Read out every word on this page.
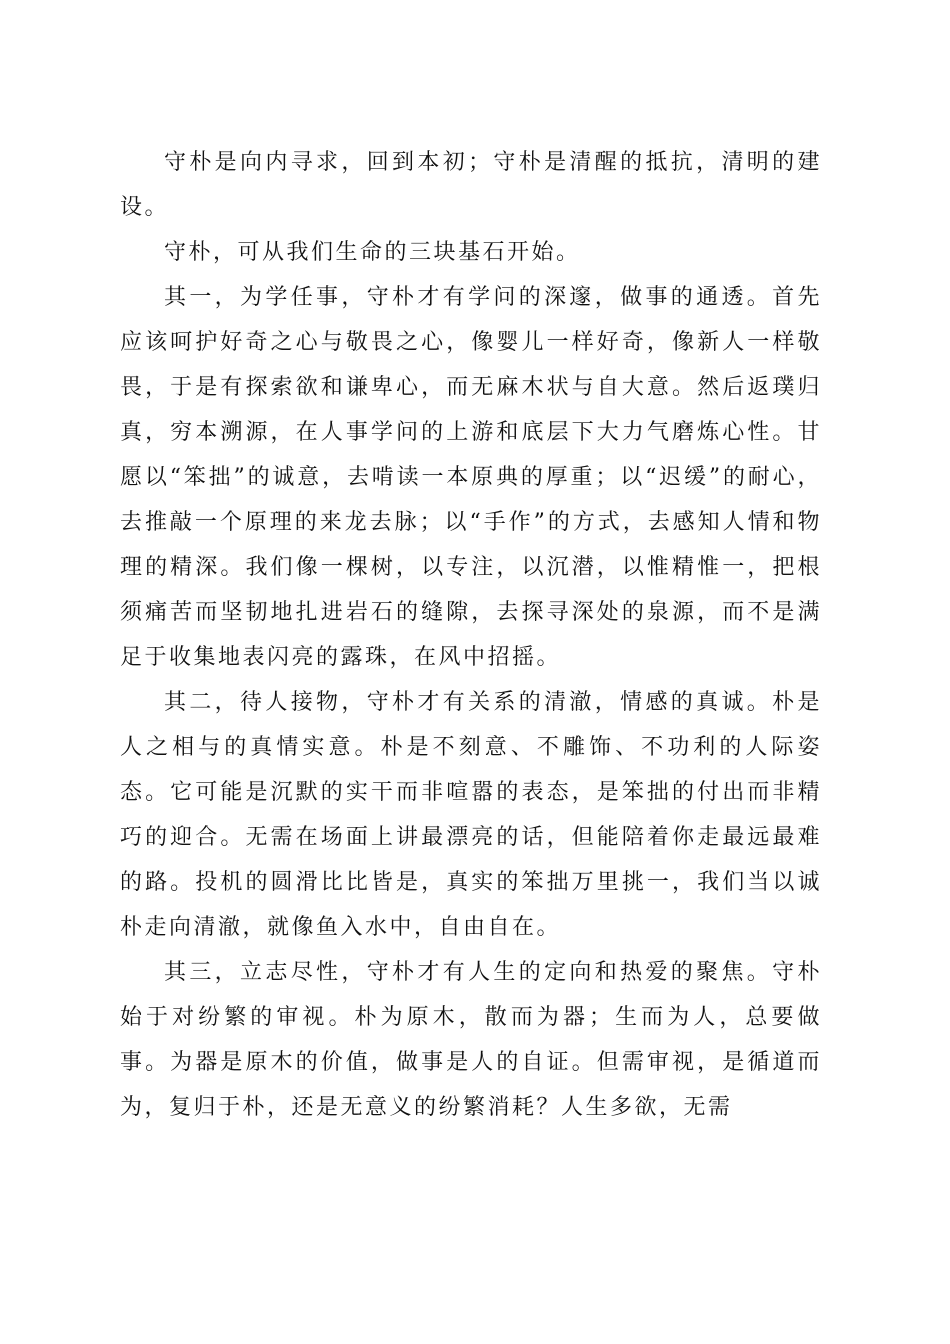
守朴是向内寻求，回到本初；守朴是清醒的抵抗，清明的建设。

守朴，可从我们生命的三块基石开始。

其一，为学任事，守朴才有学问的深邃，做事的通透。首先应该呵护好奇之心与敬畏之心，像婴儿一样好奇，像新人一样敬畏，于是有探索欲和谦卑心，而无麻木状与自大意。然后返璞归真，穷本溯源，在人事学问的上游和底层下大力气磨炼心性。甘愿以“笨拙”的诚意，去啃读一本原典的厚重；以“迟缓”的耐心，去推敲一个原理的来龙去脉；以“手作”的方式，去感知人情和物理的精深。我们像一棵树，以专注，以沉潜，以惟精惟一，把根须痛苦而坚韧地扎进岩石的缝隙，去探寻深处的泉源，而不是满足于收集地表闪亮的露珠，在风中招摇。

其二，待人接物，守朴才有关系的清澈，情感的真诚。朴是人之相与的真情实意。朴是不刻意、不雕饰、不功利的人际姿态。它可能是沉默的实干而非喧嚣的表态，是笨拙的付出而非精巧的迎合。无需在场面上讲最漂亮的话，但能陪着你走最远最难的路。投机的圆滑比比皆是，真实的笨拙万里挑一，我们当以诚朴走向清澈，就像鱼入水中，自由自在。

其三，立志尽性，守朴才有人生的定向和热爱的聚焦。守朴始于对纷繁的审视。朴为原木，散而为器；生而为人，总要做事。为器是原木的价值，做事是人的自证。但需审视，是循道而为，复归于朴，还是无意义的纷繁消耗？人生多欲，无需
